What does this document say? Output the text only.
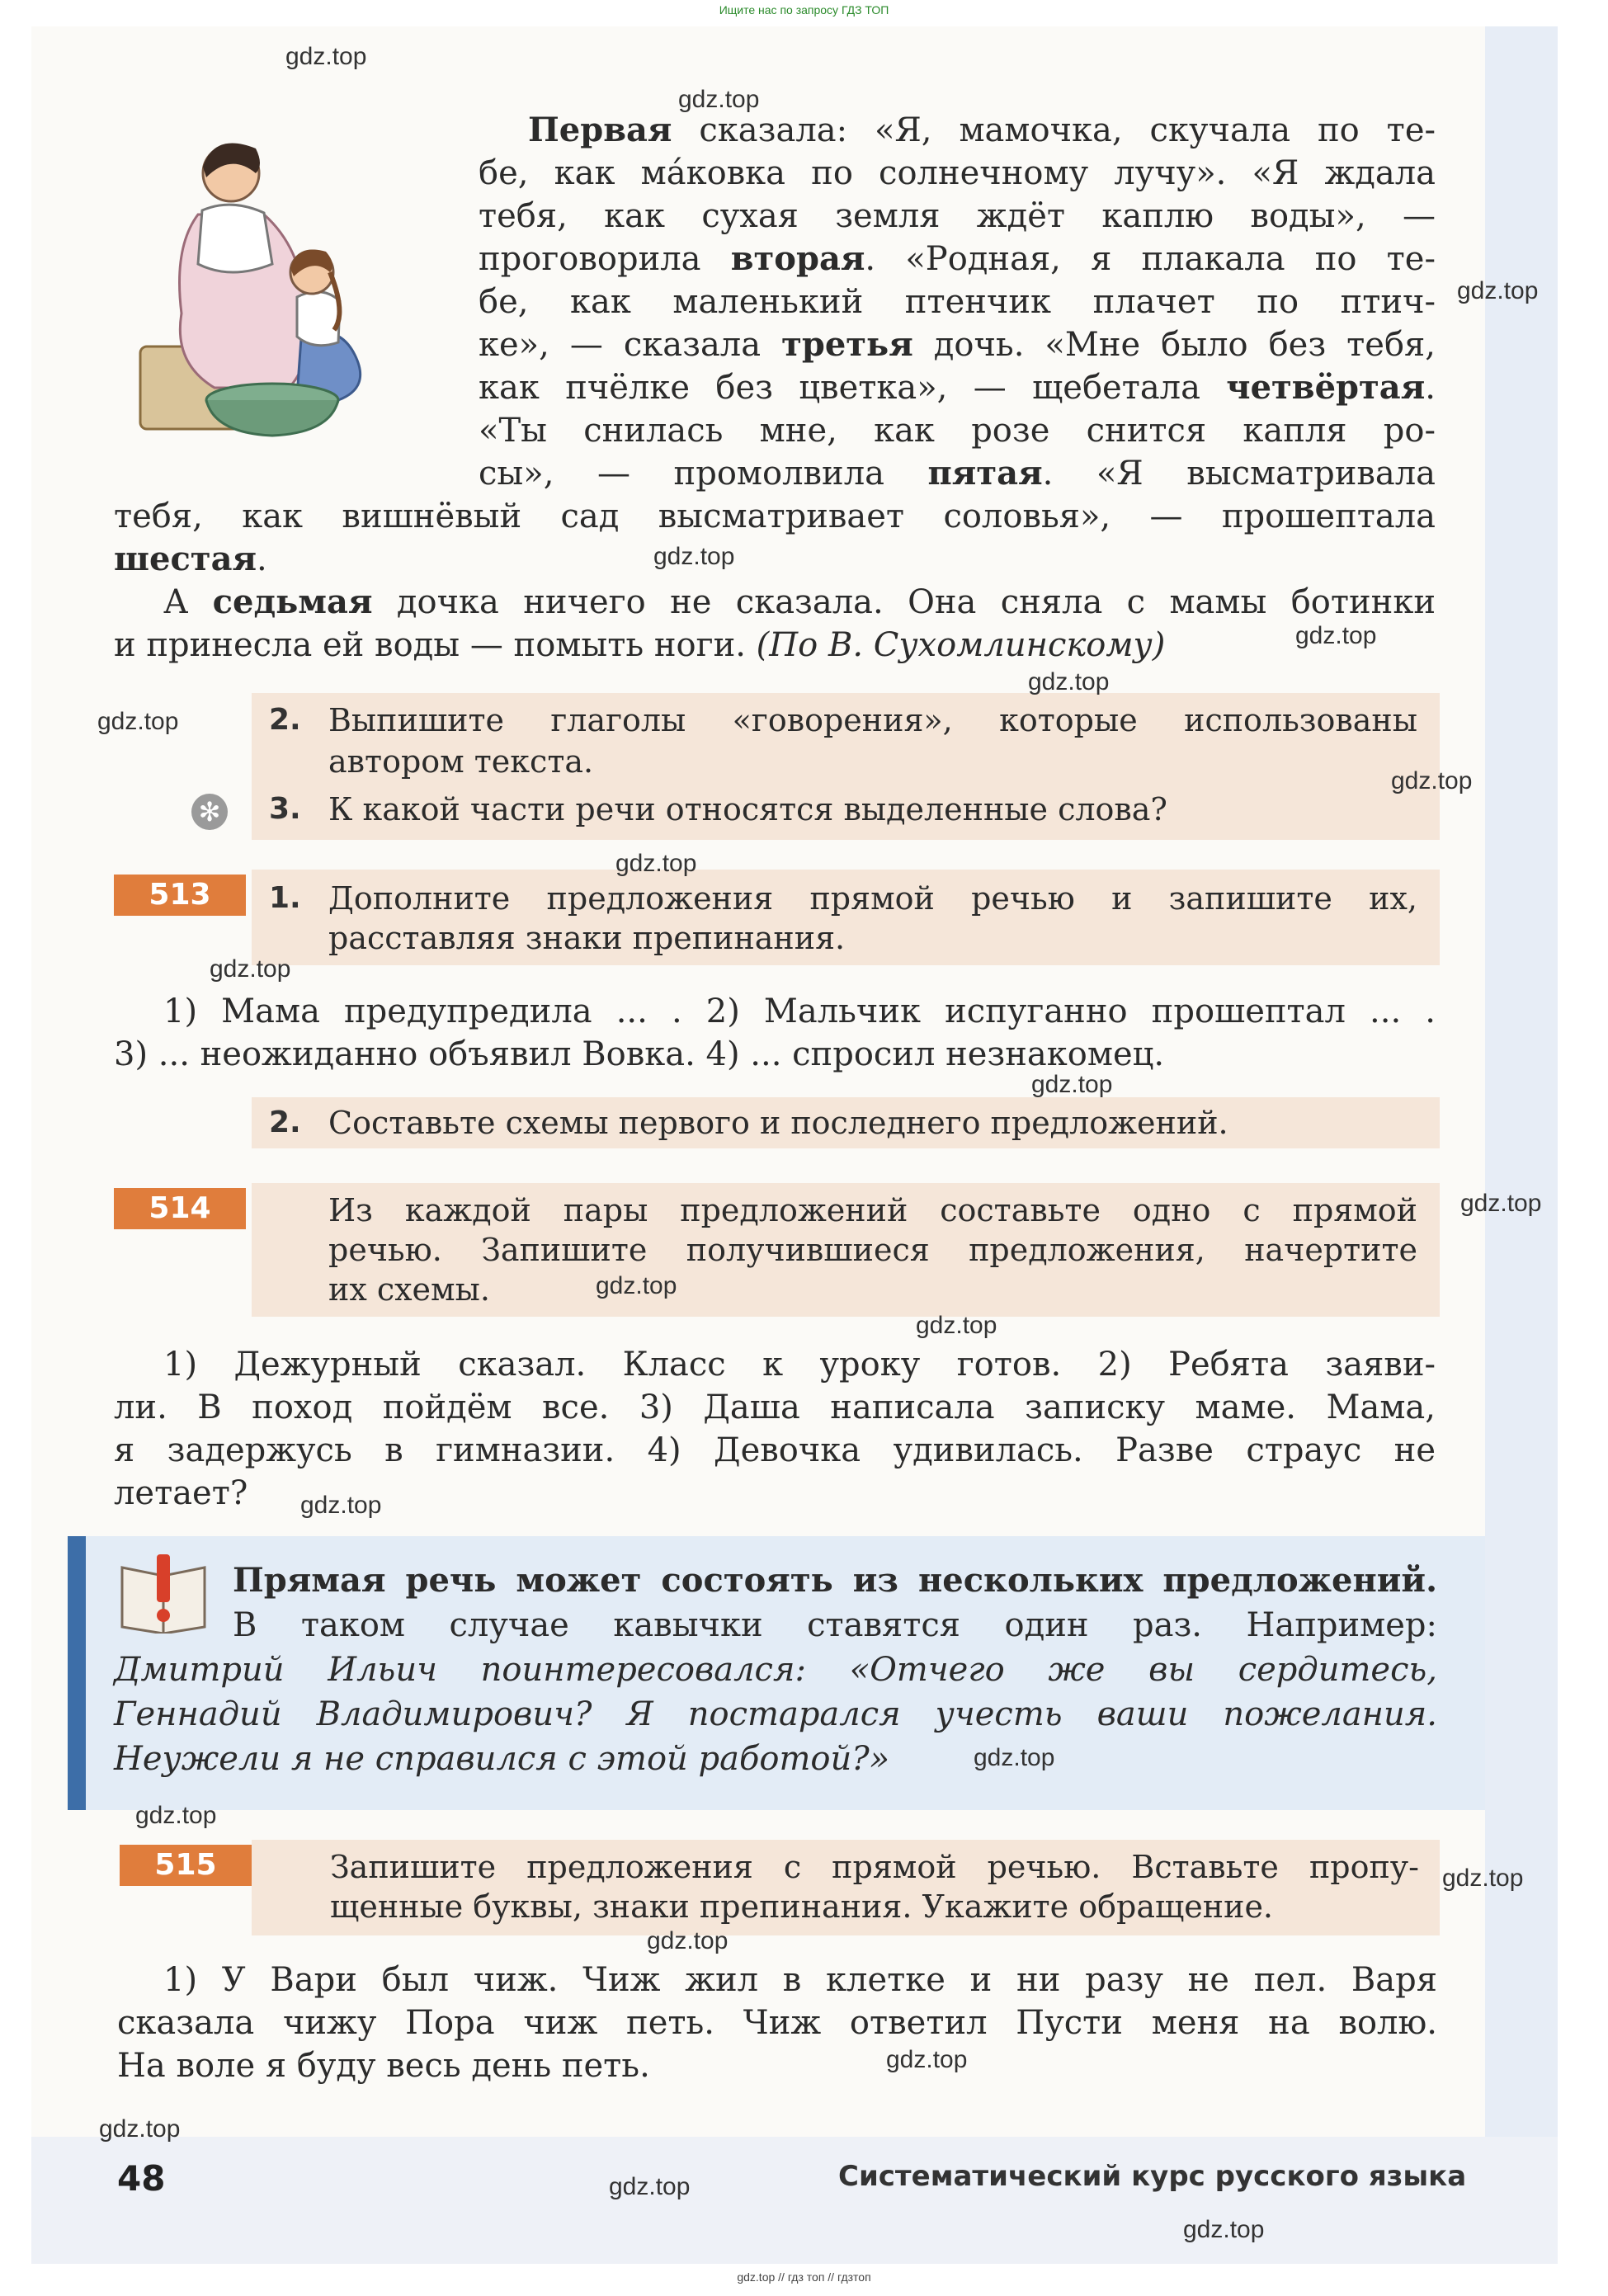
Ищите нас по запросу ГДЗ ТОП
Первая сказала: «Я, мамочка, скучала по те-
бе, как ма́ковка по солнечному лучу». «Я ждала
тебя, как сухая земля ждёт каплю воды», —
проговорила вторая. «Родная, я плакала по те-
бе, как маленький птенчик плачет по птич-
ке», — сказала третья дочь. «Мне было без тебя,
как пчёлке без цветка», — щебетала четвёртая.
«Ты снилась мне, как розе снится капля ро-
сы», — промолвила пятая. «Я высматривала
тебя, как вишнёвый сад высматривает соловья», — прошептала
шестая.
А седьмая дочка ничего не сказала. Она сняла с мамы ботинки
и принесла ей воды — помыть ноги. (По В. Сухомлинскому)
2. Выпишите глаголы «говорения», которые использованы
автором текста.
✻ 3. К какой части речи относятся выделенные слова?
513	1. Дополните предложения прямой речью и запишите их,
расставляя знаки препинания.
1) Мама предупредила ... . 2) Мальчик испуганно прошептал ... .
3) ... неожиданно объявил Вовка. 4) ... спросил незнакомец.
2. Составьте схемы первого и последнего предложений.
514	Из каждой пары предложений составьте одно с прямой
речью. Запишите получившиеся предложения, начертите
их схемы.
1) Дежурный сказал. Класс к уроку готов. 2) Ребята заяви-
ли. В поход пойдём все. 3) Даша написала записку маме. Мама,
я задержусь в гимназии. 4) Девочка удивилась. Разве страус не
летает?
Прямая речь может состоять из нескольких предложений.
В таком случае кавычки ставятся один раз. Например:
Дмитрий Ильич поинтересовался: «Отчего же вы сердитесь,
Геннадий Владимирович? Я постарался учесть ваши пожелания.
Неужели я не справился с этой работой?»
515	Запишите предложения с прямой речью. Вставьте пропу-
щенные буквы, знаки препинания. Укажите обращение.
1) У Вари был чиж. Чиж жил в клетке и ни разу не пел. Варя
сказала чижу Пора чиж петь. Чиж ответил Пусти меня на волю.
На воле я буду весь день петь.
48	Систематический курс русского языка
gdz.top
gdz.top
gdz.top
gdz.top
gdz.top
gdz.top
gdz.top
gdz.top
gdz.top
gdz.top
gdz.top
gdz.top
gdz.top
gdz.top
gdz.top
gdz.top
gdz.top
gdz.top
gdz.top
gdz.top
gdz.top
gdz.top
gdz.top
gdz.top // гдз топ // гдзтоп
